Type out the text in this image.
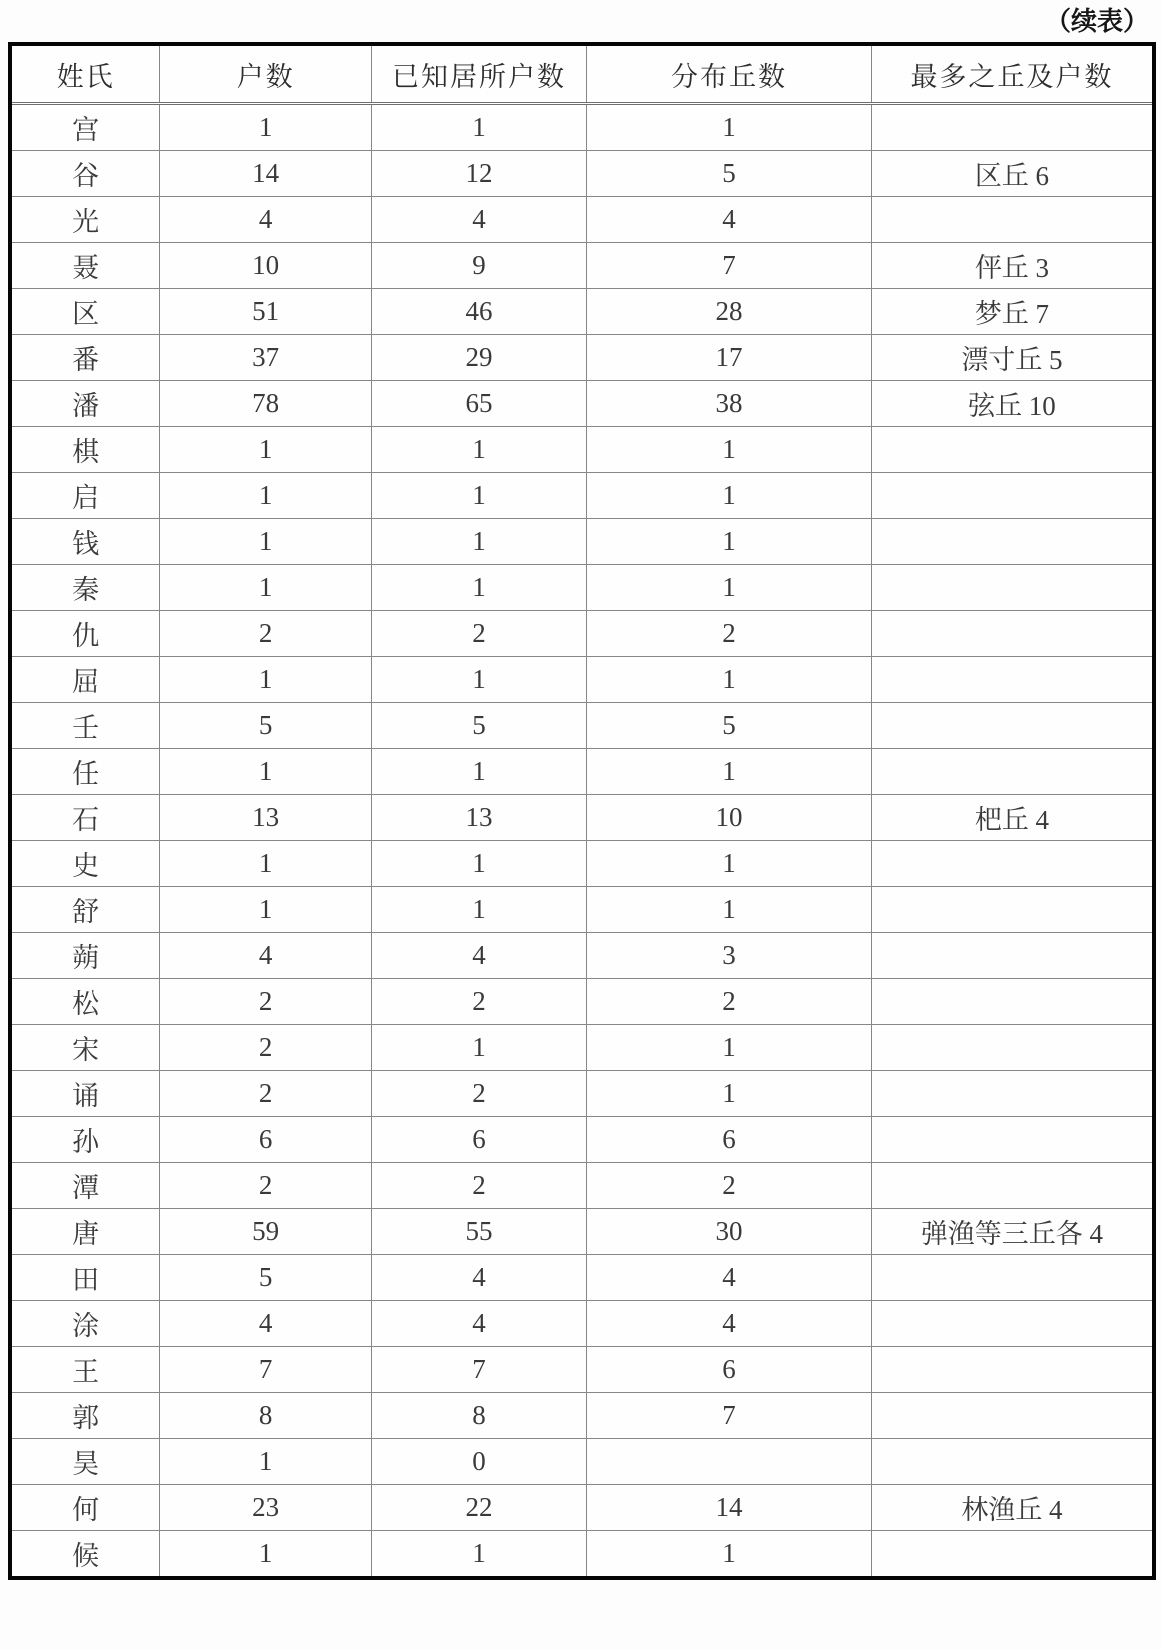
（续表）
姓氏	户数	已知居所户数	分布丘数	最多之丘及户数
宫	1	1	1	
谷	14	12	5	区丘 6
光	4	4	4	
聂	10	9	7	伻丘 3
区	51	46	28	梦丘 7
番	37	29	17	漂寸丘 5
潘	78	65	38	弦丘 10
棋	1	1	1	
启	1	1	1	
钱	1	1	1	
秦	1	1	1	
仇	2	2	2	
屈	1	1	1	
壬	5	5	5	
任	1	1	1	
石	13	13	10	杷丘 4
史	1	1	1	
舒	1	1	1	
蒴	4	4	3	
松	2	2	2	
宋	2	1	1	
诵	2	2	1	
孙	6	6	6	
潭	2	2	2	
唐	59	55	30	弹渔等三丘各 4
田	5	4	4	
涂	4	4	4	
王	7	7	6	
郭	8	8	7	
昊	1	0		
何	23	22	14	林渔丘 4
候	1	1	1	
